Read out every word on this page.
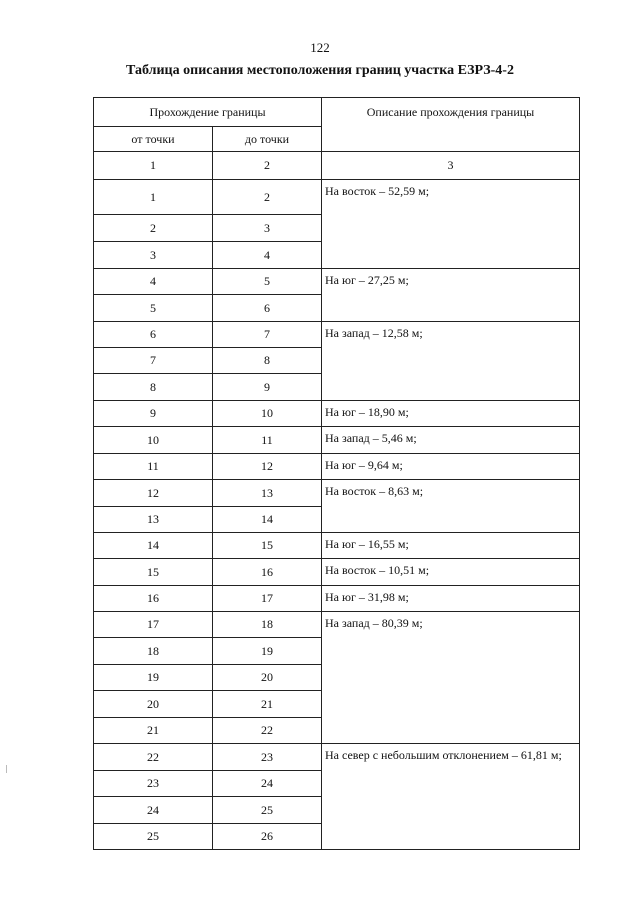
122
Таблица описания местоположения границ участка ЕЗРЗ-4-2
Прохождение границы		Описание прохождения границы
от точки	до точки	
1	2	3
1	2	На восток – 52,59 м;
2	3	
3	4	
4	5	На юг – 27,25 м;
5	6	
6	7	На запад – 12,58 м;
7	8	
8	9	
9	10	На юг – 18,90 м;
10	11	На запад – 5,46 м;
11	12	На юг – 9,64 м;
12	13	На восток – 8,63 м;
13	14	
14	15	На юг – 16,55 м;
15	16	На восток – 10,51 м;
16	17	На юг – 31,98 м;
17	18	На запад – 80,39 м;
18	19	
19	20	
20	21	
21	22	
22	23	На север с небольшим отклонением – 61,81 м;
23	24	
24	25	
25	26	
